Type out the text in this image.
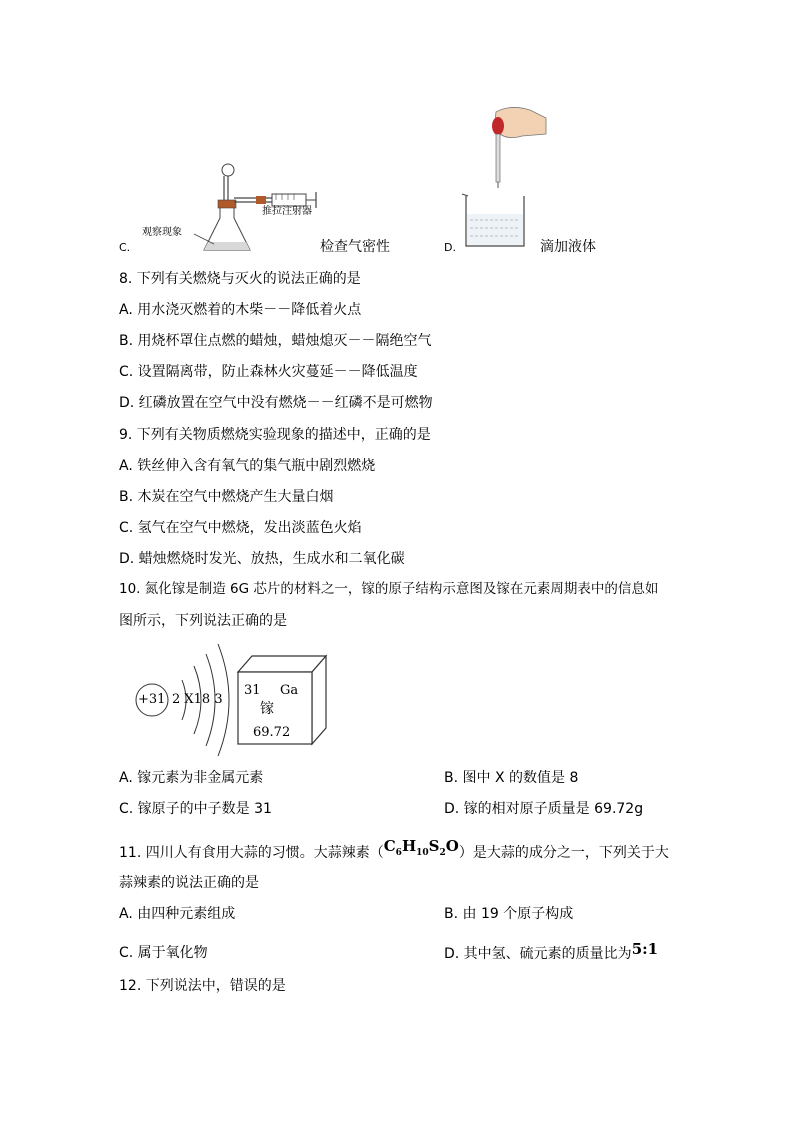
推拉注射器
观察现象
C.	检查气密性	D.	滴加液体
8. 下列有关燃烧与灭火的说法正确的是
A. 用水浇灭燃着的木柴－－降低着火点
B. 用烧杯罩住点燃的蜡烛，蜡烛熄灭－－隔绝空气
C. 设置隔离带，防止森林火灾蔓延－－降低温度
D. 红磷放置在空气中没有燃烧－－红磷不是可燃物
9. 下列有关物质燃烧实验现象的描述中，正确的是
A. 铁丝伸入含有氧气的集气瓶中剧烈燃烧
B. 木炭在空气中燃烧产生大量白烟
C. 氢气在空气中燃烧，发出淡蓝色火焰
D. 蜡烛燃烧时发光、放热，生成水和二氧化碳
10. 氮化镓是制造 6G 芯片的材料之一，镓的原子结构示意图及镓在元素周期表中的信息如
图所示，下列说法正确的是
+31 2 X18 3
31 Ga
镓
69.72
A. 镓元素为非金属元素	B. 图中 X 的数值是 8
C. 镓原子的中子数是 31	D. 镓的相对原子质量是 69.72g
11. 四川人有食用大蒜的习惯。大蒜辣素$(C_6H_{10}S_2O)$是大蒜的成分之一，下列关于大
蒜辣素的说法正确的是
A. 由四种元素组成	B. 由 19 个原子构成
C. 属于氧化物	D. 其中氢、硫元素的质量比为5:1
12. 下列说法中，错误的是
